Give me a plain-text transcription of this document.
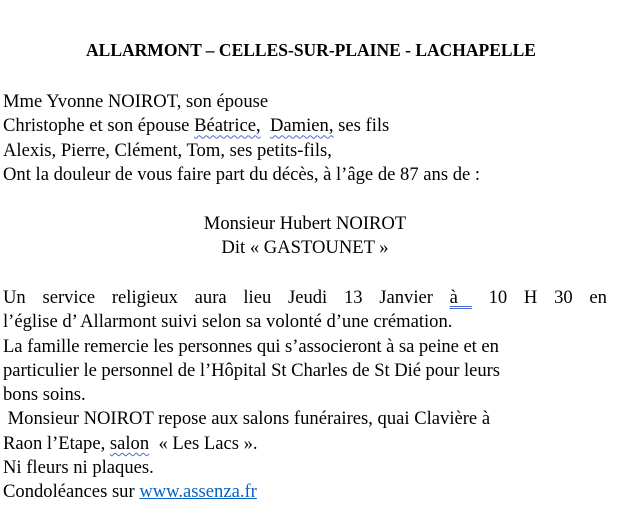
ALLARMONT – CELLES-SUR-PLAINE - LACHAPELLE

Mme Yvonne NOIROT, son épouse

Christophe et son épouse Béatrice, Damien, ses fils

Alexis, Pierre, Clément, Tom, ses petits-fils,

Ont la douleur de vous faire part du décès, à l’âge de 87 ans de :

Monsieur Hubert NOIROT

Dit « GASTOUNET »

Un service religieux aura lieu Jeudi 13 Janvier à	10 H 30 en

l’église d’ Allarmont suivi selon sa volonté d’une crémation.

La famille remercie les personnes qui s’associeront à sa peine et en

particulier le personnel de l’Hôpital St Charles de St Dié pour leurs

bons soins.

Monsieur NOIROT repose aux salons funéraires, quai Clavière à

Raon l’Etape, salon  « Les Lacs ».

Ni fleurs ni plaques.

Condoléances sur www.assenza.fr
